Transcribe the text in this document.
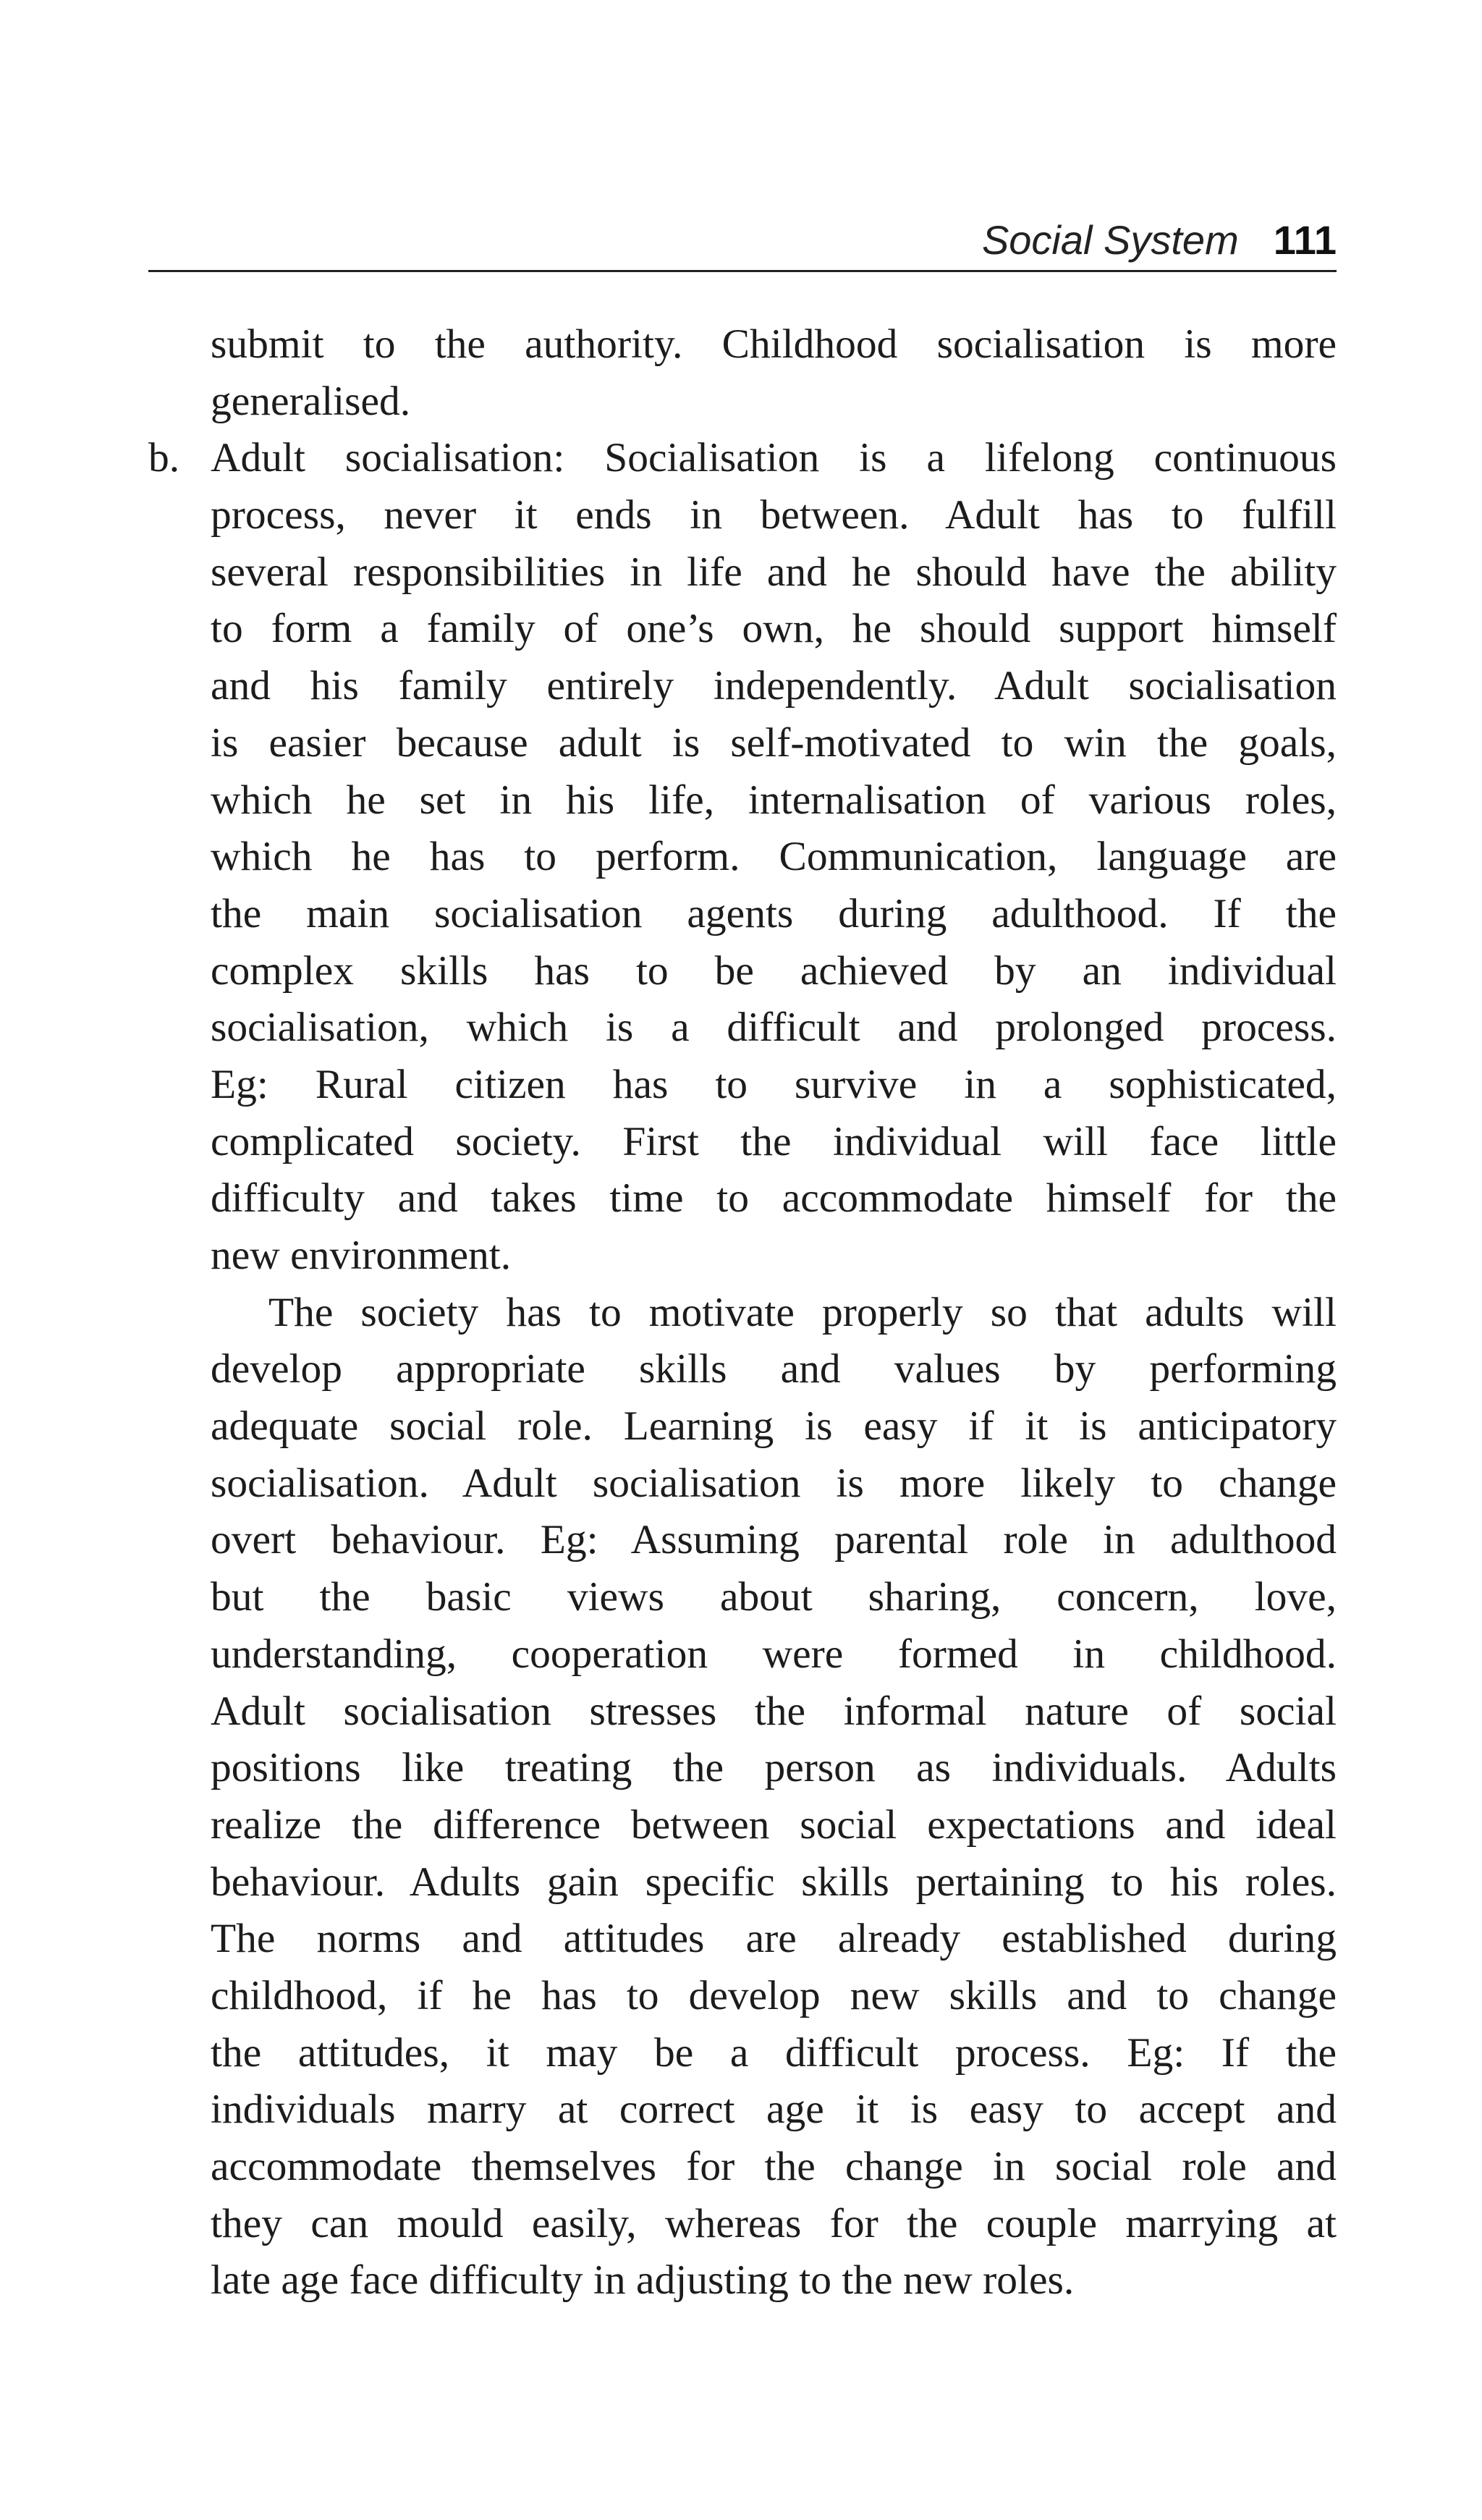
Social System 111
submit to the authority. Childhood socialisation is more
generalised.
b. Adult socialisation: Socialisation is a lifelong continuous
process, never it ends in between. Adult has to fulfill
several responsibilities in life and he should have the ability
to form a family of one’s own, he should support himself
and his family entirely independently. Adult socialisation
is easier because adult is self-motivated to win the goals,
which he set in his life, internalisation of various roles,
which he has to perform. Communication, language are
the main socialisation agents during adulthood. If the
complex skills has to be achieved by an individual
socialisation, which is a difficult and prolonged process.
Eg: Rural citizen has to survive in a sophisticated,
complicated society. First the individual will face little
difficulty and takes time to accommodate himself for the
new environment.
The society has to motivate properly so that adults will
develop appropriate skills and values by performing
adequate social role. Learning is easy if it is anticipatory
socialisation. Adult socialisation is more likely to change
overt behaviour. Eg: Assuming parental role in adulthood
but the basic views about sharing, concern, love,
understanding, cooperation were formed in childhood.
Adult socialisation stresses the informal nature of social
positions like treating the person as individuals. Adults
realize the difference between social expectations and ideal
behaviour. Adults gain specific skills pertaining to his roles.
The norms and attitudes are already established during
childhood, if he has to develop new skills and to change
the attitudes, it may be a difficult process. Eg: If the
individuals marry at correct age it is easy to accept and
accommodate themselves for the change in social role and
they can mould easily, whereas for the couple marrying at
late age face difficulty in adjusting to the new roles.
